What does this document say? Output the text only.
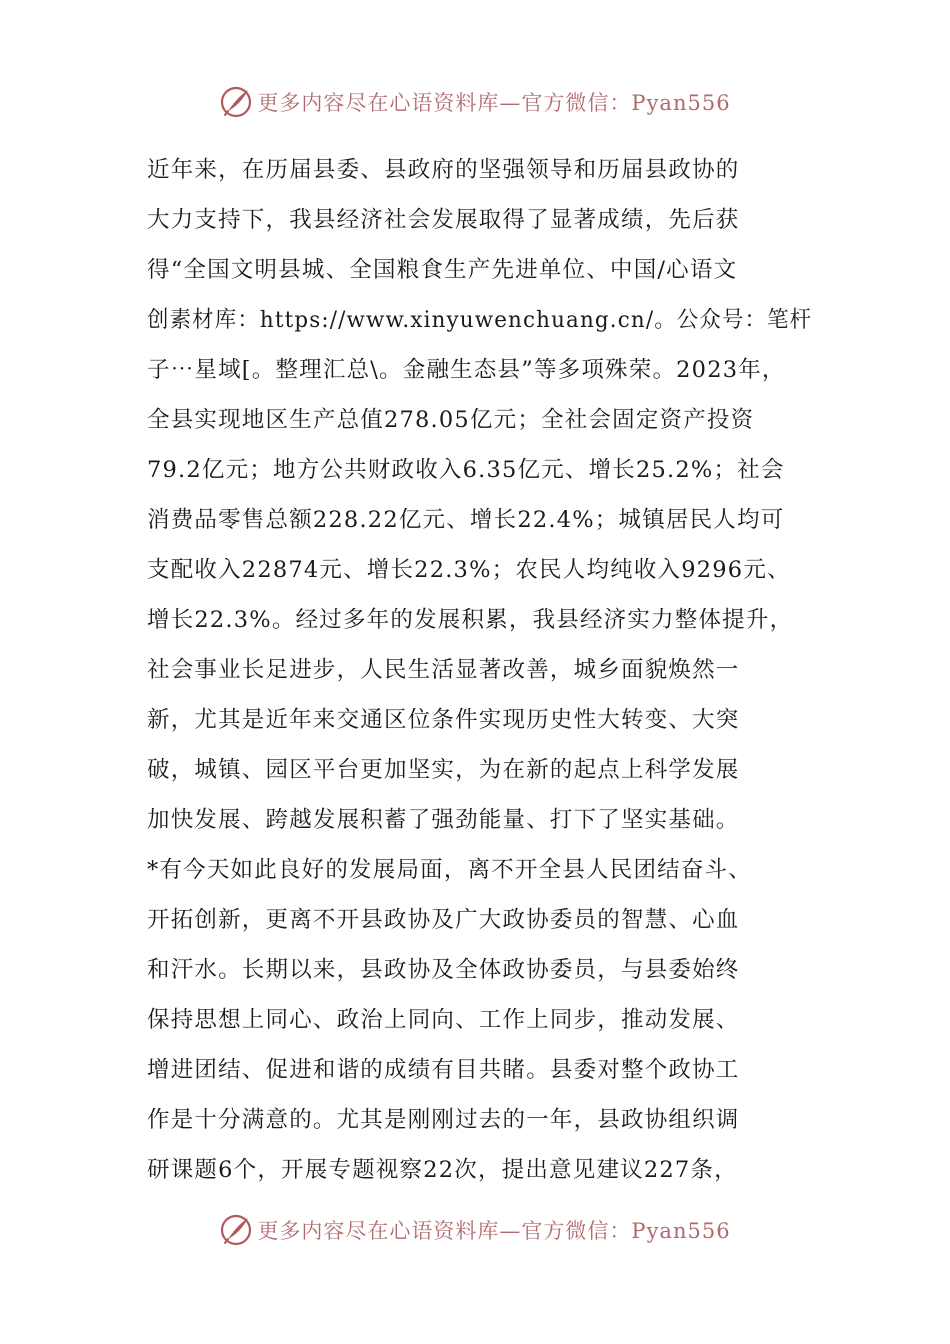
更多内容尽在心语资料库—官方微信：Pyan556
近年来，在历届县委、县政府的坚强领导和历届县政协的
大力支持下，我县经济社会发展取得了显著成绩，先后获
得“全国文明县城、全国粮食生产先进单位、中国/心语文
创素材库：https://www.xinyuwenchuang.cn/。公众号：笔杆
子⋯星域[。整理汇总\。金融生态县”等多项殊荣。2023年，
全县实现地区生产总值278.05亿元；全社会固定资产投资
79.2亿元；地方公共财政收入6.35亿元、增长25.2%；社会
消费品零售总额228.22亿元、增长22.4%；城镇居民人均可
支配收入22874元、增长22.3%；农民人均纯收入9296元、
增长22.3%。经过多年的发展积累，我县经济实力整体提升，
社会事业长足进步，人民生活显著改善，城乡面貌焕然一
新，尤其是近年来交通区位条件实现历史性大转变、大突
破，城镇、园区平台更加坚实，为在新的起点上科学发展
加快发展、跨越发展积蓄了强劲能量、打下了坚实基础。
*有今天如此良好的发展局面，离不开全县人民团结奋斗、
开拓创新，更离不开县政协及广大政协委员的智慧、心血
和汗水。长期以来，县政协及全体政协委员，与县委始终
保持思想上同心、政治上同向、工作上同步，推动发展、
增进团结、促进和谐的成绩有目共睹。县委对整个政协工
作是十分满意的。尤其是刚刚过去的一年，县政协组织调
研课题6个，开展专题视察22次，提出意见建议227条，
更多内容尽在心语资料库—官方微信：Pyan556
